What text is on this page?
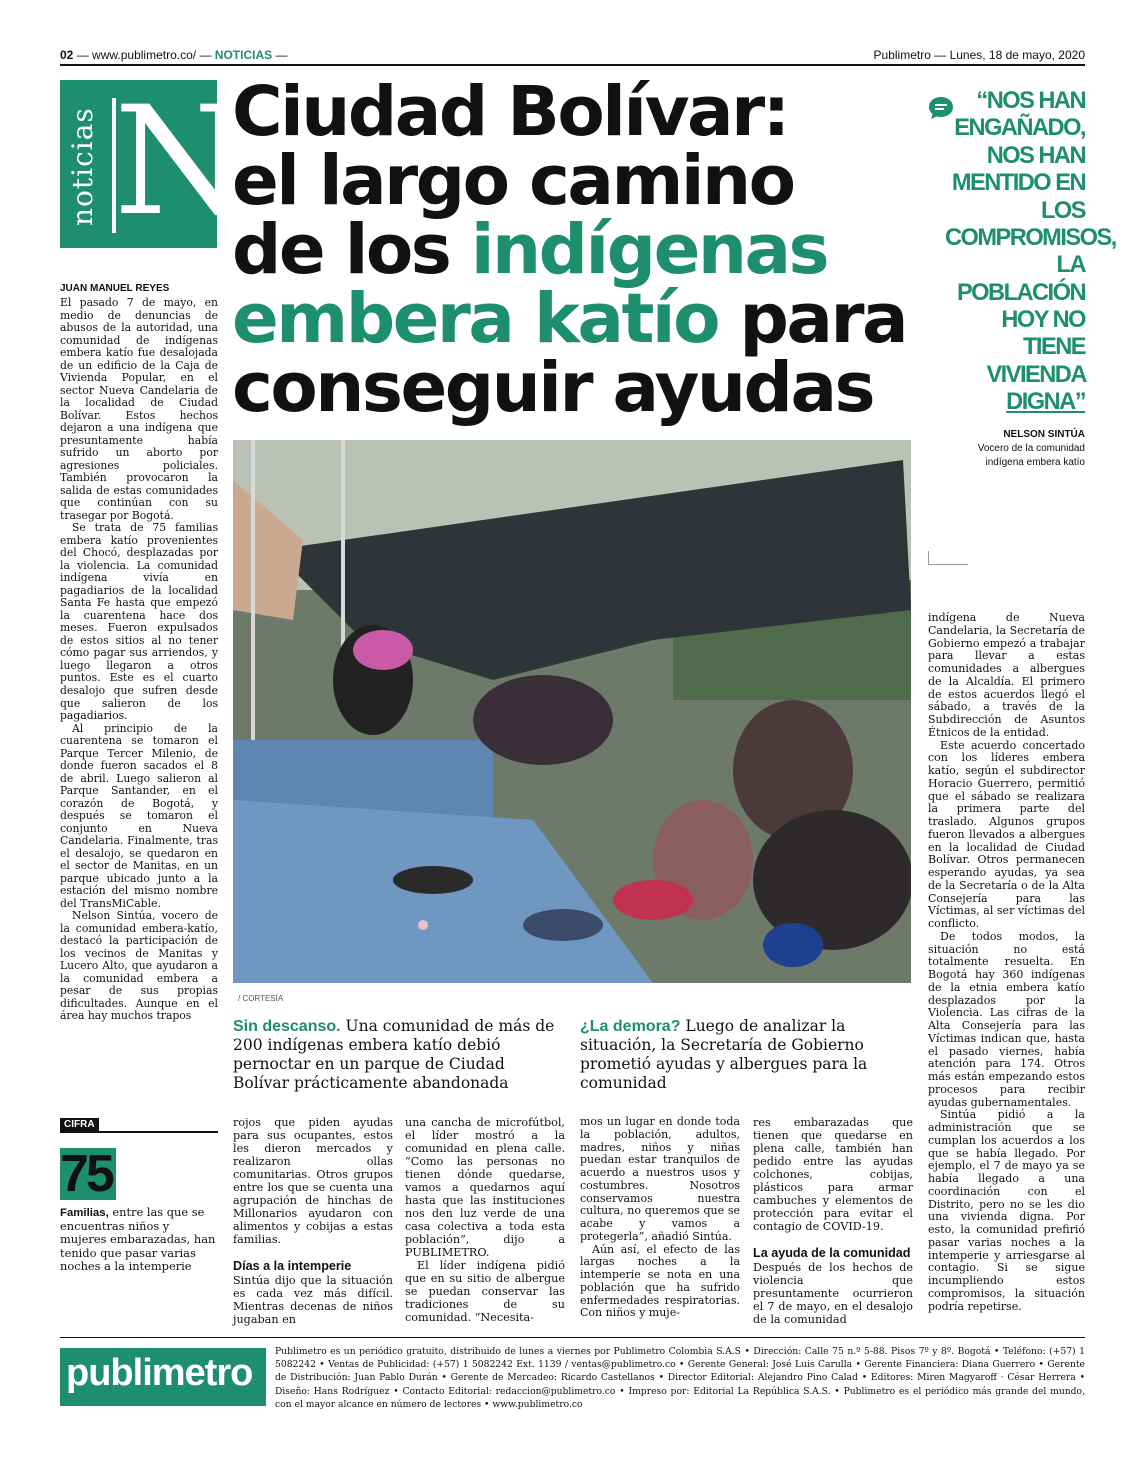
02 — www.publimetro.co/ — NOTICIAS —	Publimetro — Lunes, 18 de mayo, 2020
noticias N
Ciudad Bolívar:
el largo camino
de los indígenas
embera katío para
conseguir ayudas
“NOS HAN ENGAÑADO, NOS HAN MENTIDO EN LOS COMPROMISOS, LA POBLACIÓN HOY NO TIENE VIVIENDA DIGNA”
NELSON SINTÚA
Vocero de la comunidad
indígena embera katío
JUAN MANUEL REYES

El pasado 7 de mayo, en medio de denuncias de abusos de la autoridad, una comunidad de indígenas embera katío fue desalojada de un edificio de la Caja de Vivienda Popular, en el sector Nueva Candelaria de la localidad de Ciudad Bolívar. Estos hechos dejaron a una indígena que presuntamente había sufrido un aborto por agresiones policiales. También provocaron la salida de estas comunidades que continúan con su trasegar por Bogotá.

Se trata de 75 familias embera katío provenientes del Chocó, desplazadas por la violencia. La comunidad indígena vivía en pagadiarios de la localidad Santa Fe hasta que empezó la cuarentena hace dos meses. Fueron expulsados de estos sitios al no tener cómo pagar sus arriendos, y luego llegaron a otros puntos. Este es el cuarto desalojo que sufren desde que salieron de los pagadiarios.

Al principio de la cuarentena se tomaron el Parque Tercer Milenio, de donde fueron sacados el 8 de abril. Luego salieron al Parque Santander, en el corazón de Bogotá, y después se tomaron el conjunto en Nueva Candelaria. Finalmente, tras el desalojo, se quedaron en el sector de Manitas, en un parque ubicado junto a la estación del mismo nombre del TransMiCable.

Nelson Sintúa, vocero de la comunidad embera-katío, destacó la participación de los vecinos de Manitas y Lucero Alto, que ayudaron a la comunidad embera a pesar de sus propias dificultades. Aunque en el área hay muchos trapos

/ CORTESÍA
Sin descanso. Una comunidad de más de 200 indígenas embera katío debió pernoctar en un parque de Ciudad Bolívar prácticamente abandonada
¿La demora? Luego de analizar la situación, la Secretaría de Gobierno prometió ayudas y albergues para la comunidad
CIFRA
75
Familias, entre las que se encuentras niños y mujeres embarazadas, han tenido que pasar varias noches a la intemperie

rojos que piden ayudas para sus ocupantes, estos les dieron mercados y realizaron ollas comunitarias. Otros grupos entre los que se cuenta una agrupación de hinchas de Millonarios ayudaron con alimentos y cobijas a estas familias.

Días a la intemperie

Sintúa dijo que la situación es cada vez más difícil. Mientras decenas de niños jugaban en

una cancha de microfútbol, el líder mostró a la comunidad en plena calle. “Como las personas no tienen dónde quedarse, vamos a quedarnos aquí hasta que las instituciones nos den luz verde de una casa colectiva a toda esta población”, dijo a PUBLIMETRO.

El líder indígena pidió que en su sitio de albergue se puedan conservar las tradiciones de su comunidad. “Necesita-

mos un lugar en donde toda la población, adultos, madres, niños y niñas puedan estar tranquilos de acuerdo a nuestros usos y costumbres. Nosotros conservamos nuestra cultura, no queremos que se acabe y vamos a protegerla”, añadió Sintúa.

Aún así, el efecto de las largas noches a la intemperie se nota en una población que ha sufrido enfermedades respiratorias. Con niños y muje-

res embarazadas que tienen que quedarse en plena calle, también han pedido entre las ayudas colchones, cobijas, plásticos para armar cambuches y elementos de protección para evitar el contagio de COVID-19.

La ayuda de la comunidad

Después de los hechos de violencia que presuntamente ocurrieron el 7 de mayo, en el desalojo de la comunidad

indígena de Nueva Candelaria, la Secretaría de Gobierno empezó a trabajar para llevar a estas comunidades a albergues de la Alcaldía. El primero de estos acuerdos llegó el sábado, a través de la Subdirección de Asuntos Étnicos de la entidad.

Este acuerdo concertado con los líderes embera katío, según el subdirector Horacio Guerrero, permitió que el sábado se realizara la primera parte del traslado. Algunos grupos fueron llevados a albergues en la localidad de Ciudad Bolívar. Otros permanecen esperando ayudas, ya sea de la Secretaría o de la Alta Consejería para las Víctimas, al ser víctimas del conflicto.

De todos modos, la situación no está totalmente resuelta. En Bogotá hay 360 indígenas de la etnia embera katío desplazados por la Violencia. Las cifras de la Alta Consejería para las Víctimas indican que, hasta el pasado viernes, había atención para 174. Otros más están empezando estos procesos para recibir ayudas gubernamentales.

Sintúa pidió a la administración que se cumplan los acuerdos a los que se había llegado. Por ejemplo, el 7 de mayo ya se había llegado a una coordinación con el Distrito, pero no se les dio una vivienda digna. Por esto, la comunidad prefirió pasar varias noches a la intemperie y arriesgarse al contagio. Si se sigue incumpliendo estos compromisos, la situación podría repetirse.

publimetro
Publimetro es un periódico gratuito, distribuido de lunes a viernes por Publimetro Colombia S.A.S • Dirección: Calle 75 n.º 5-88. Pisos 7º y 8º. Bogotá • Teléfono: (+57) 1 5082242 • Ventas de Publicidad: (+57) 1 5082242 Ext. 1139 / ventas@publimetro.co • Gerente General: José Luis Carulla • Gerente Financiera: Diana Guerrero • Gerente de Distribución: Juan Pablo Durán • Gerente de Mercadeo: Ricardo Castellanos • Director Editorial: Alejandro Pino Calad • Editores: Miren Magyaroff · César Herrera • Diseño: Hans Rodríguez • Contacto Editorial: redaccion@publimetro.co • Impreso por: Editorial La República S.A.S. • Publimetro es el periódico más grande del mundo, con el mayor alcance en número de lectores • www.publimetro.co
